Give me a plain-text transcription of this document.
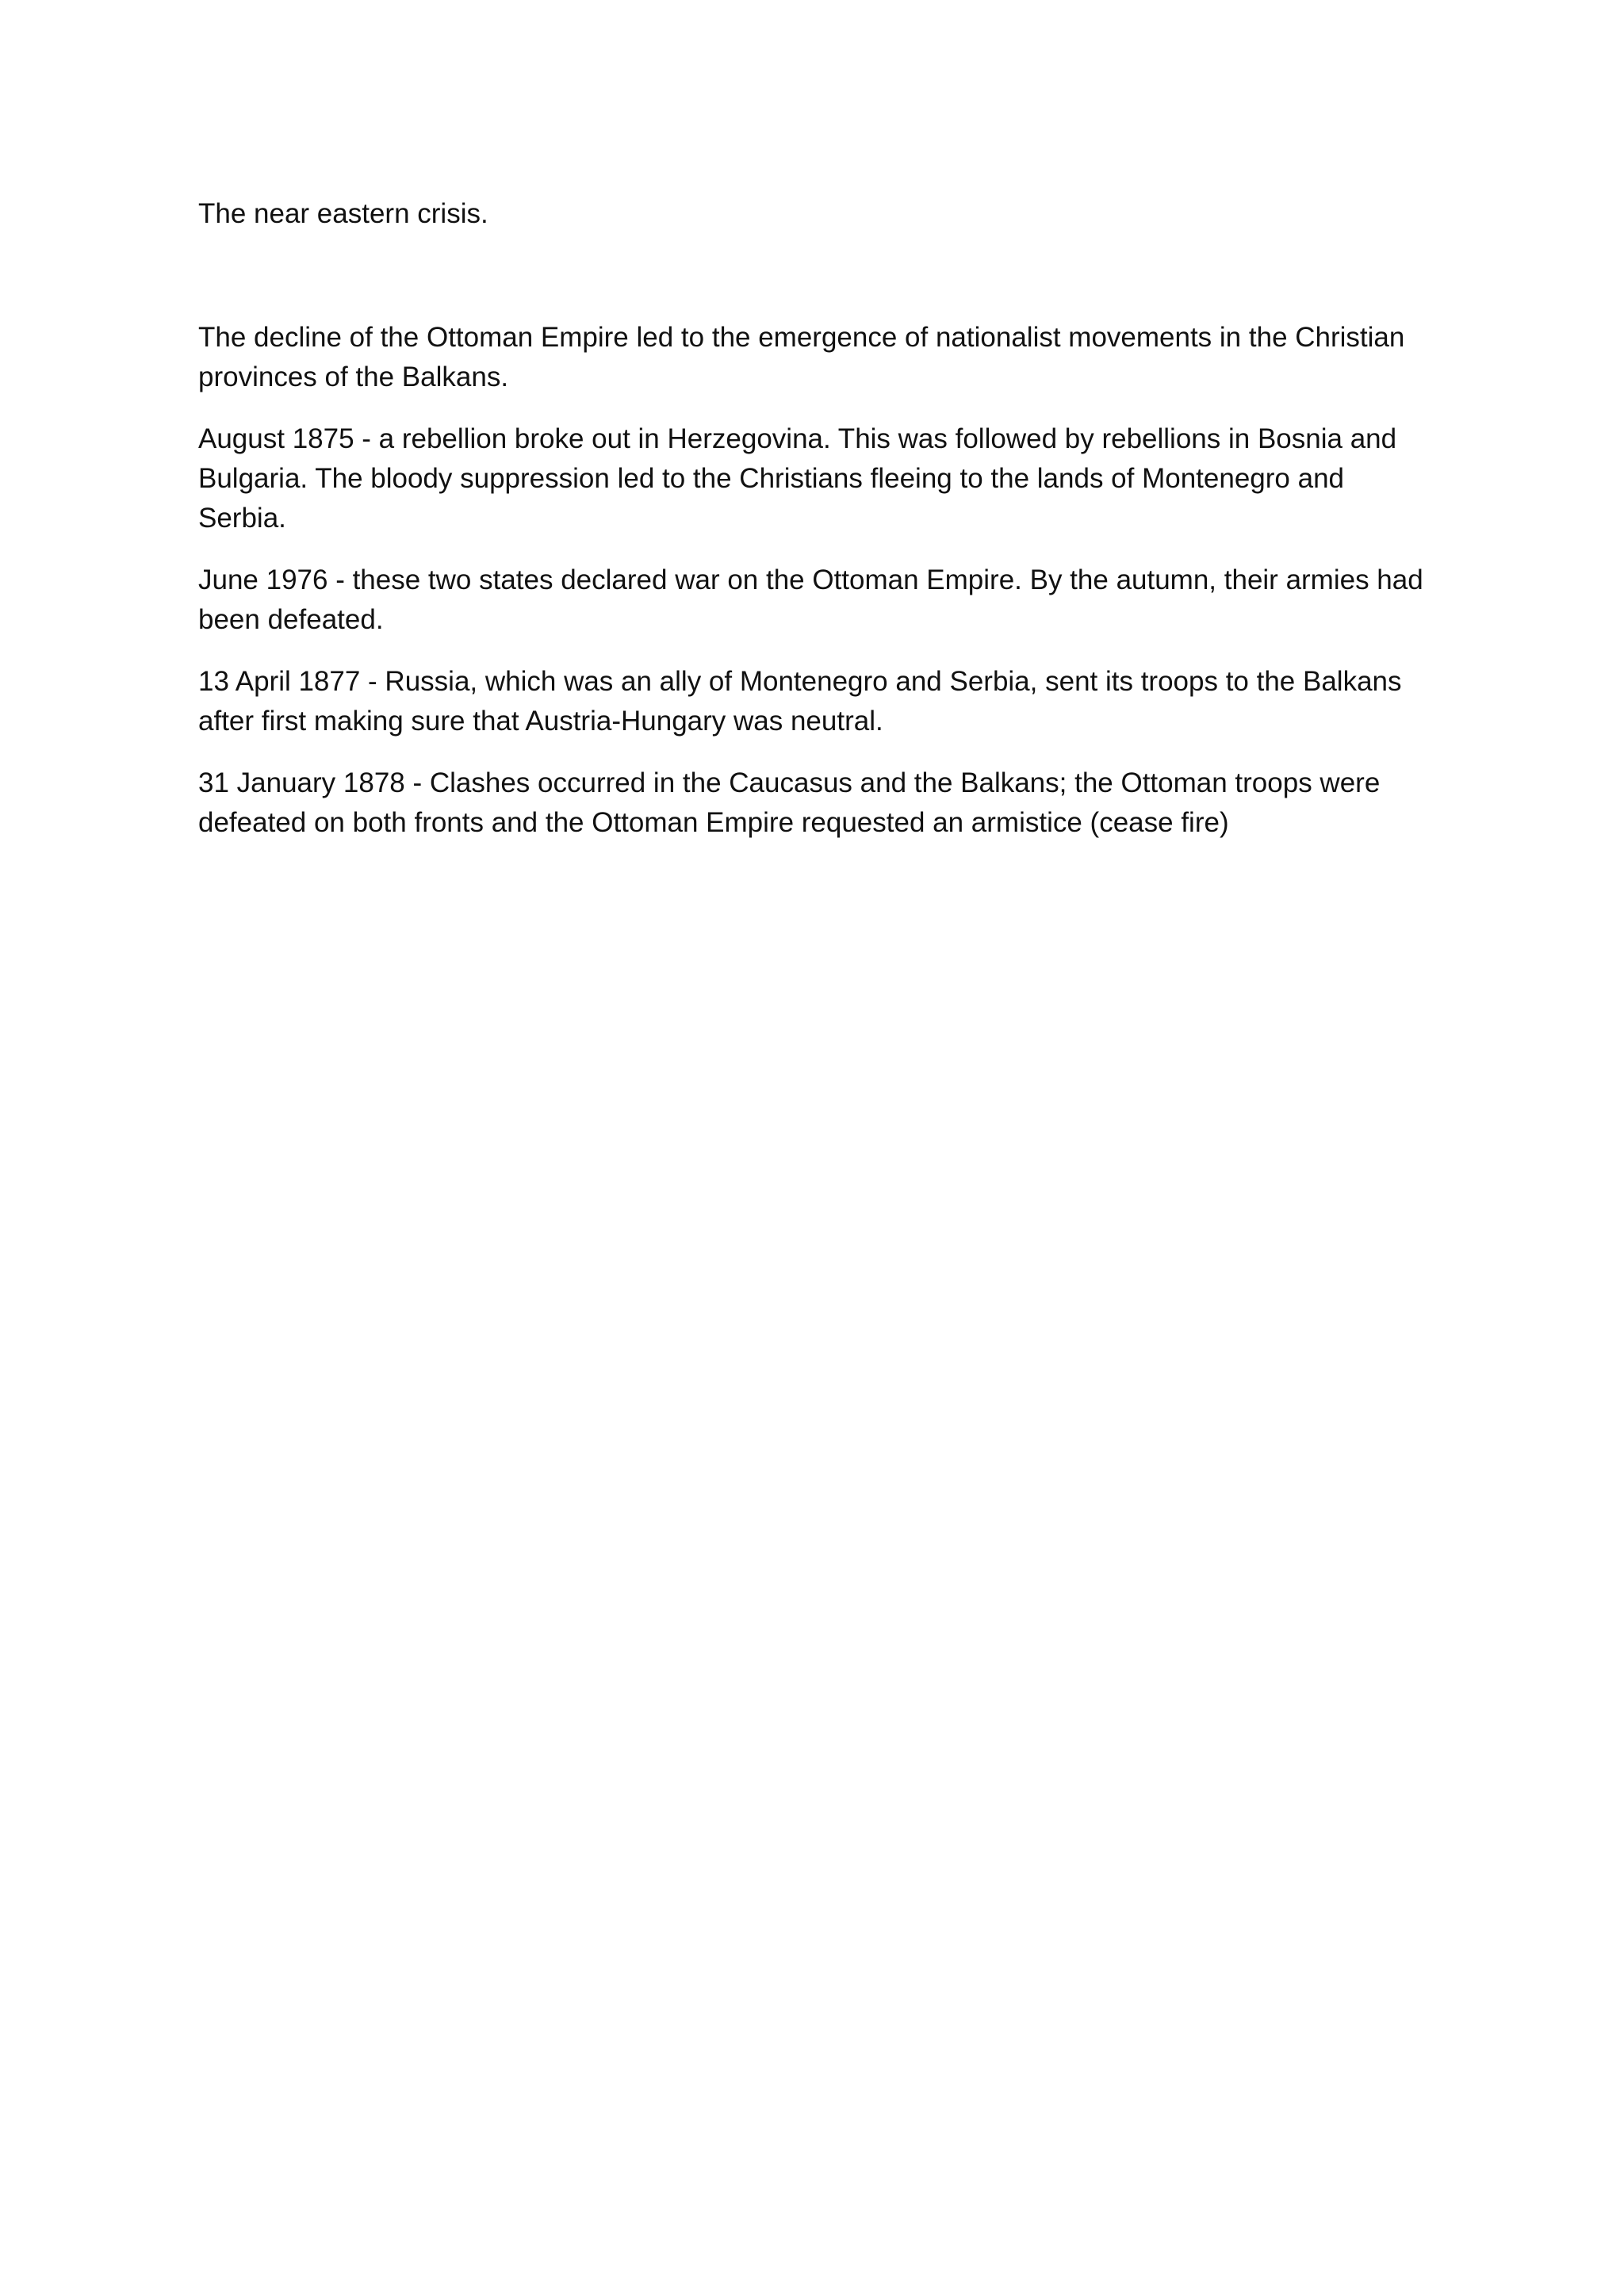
The near eastern crisis.

The decline of the Ottoman Empire led to the emergence of nationalist movements in the Christian provinces of the Balkans.

August 1875 - a rebellion broke out in Herzegovina. This was followed by rebellions in Bosnia and Bulgaria. The bloody suppression led to the Christians fleeing to the lands of Montenegro and Serbia.

June 1976 - these two states declared war on the Ottoman Empire. By the autumn, their armies had been defeated.

13 April 1877 - Russia, which was an ally of Montenegro and Serbia, sent its troops to the Balkans after first making sure that Austria-Hungary was neutral.

31 January 1878 - Clashes occurred in the Caucasus and the Balkans; the Ottoman troops were defeated on both fronts and the Ottoman Empire requested an armistice (cease fire)
